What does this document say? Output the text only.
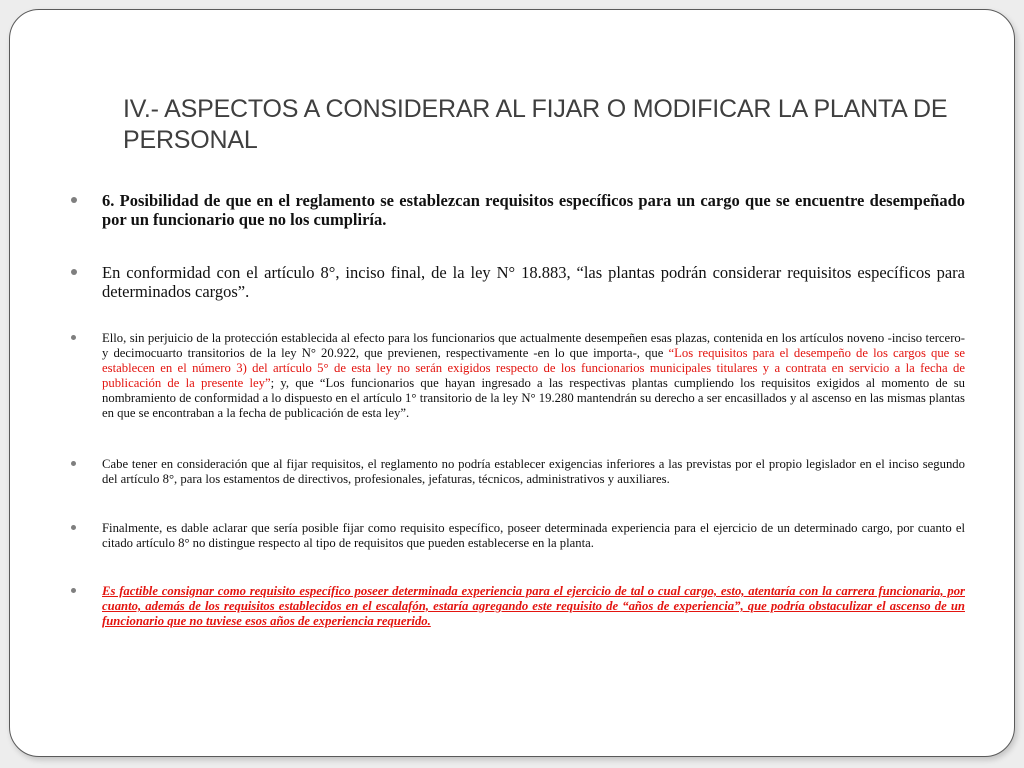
IV.- ASPECTOS A CONSIDERAR AL FIJAR O MODIFICAR LA PLANTA DE PERSONAL
6. Posibilidad de que en el reglamento se establezcan requisitos específicos para un cargo que se encuentre desempeñado por un funcionario que no los cumpliría.
En conformidad con el artículo 8°, inciso final, de la ley N° 18.883, “las plantas podrán considerar requisitos específicos para determinados cargos”.
Ello, sin perjuicio de la protección establecida al efecto para los funcionarios que actualmente desempeñen esas plazas, contenida en los artículos noveno -inciso tercero- y decimocuarto transitorios de la ley N° 20.922, que previenen, respectivamente -en lo que importa-, que “Los requisitos para el desempeño de los cargos que se establecen en el número 3) del artículo 5° de esta ley no serán exigidos respecto de los funcionarios municipales titulares y a contrata en servicio a la fecha de publicación de la presente ley”; y, que “Los funcionarios que hayan ingresado a las respectivas plantas cumpliendo los requisitos exigidos al momento de su nombramiento de conformidad a lo dispuesto en el artículo 1° transitorio de la ley N° 19.280 mantendrán su derecho a ser encasillados y al ascenso en las mismas plantas en que se encontraban a la fecha de publicación de esta ley”.
Cabe tener en consideración que al fijar requisitos, el reglamento no podría establecer exigencias inferiores a las previstas por el propio legislador en el inciso segundo del artículo 8°, para los estamentos de directivos, profesionales, jefaturas, técnicos, administrativos y auxiliares.
Finalmente, es dable aclarar que sería posible fijar como requisito específico, poseer determinada experiencia para el ejercicio de un determinado cargo, por cuanto el citado artículo 8° no distingue respecto al tipo de requisitos que pueden establecerse en la planta.
Es factible consignar como requisito específico poseer determinada experiencia para el ejercicio de tal o cual cargo, esto, atentaría con la carrera funcionaria, por cuanto, además de los requisitos establecidos en el escalafón, estaría agregando este requisito de “años de experiencia”, que podría obstaculizar el ascenso de un funcionario que no tuviese esos años de experiencia requerido.
